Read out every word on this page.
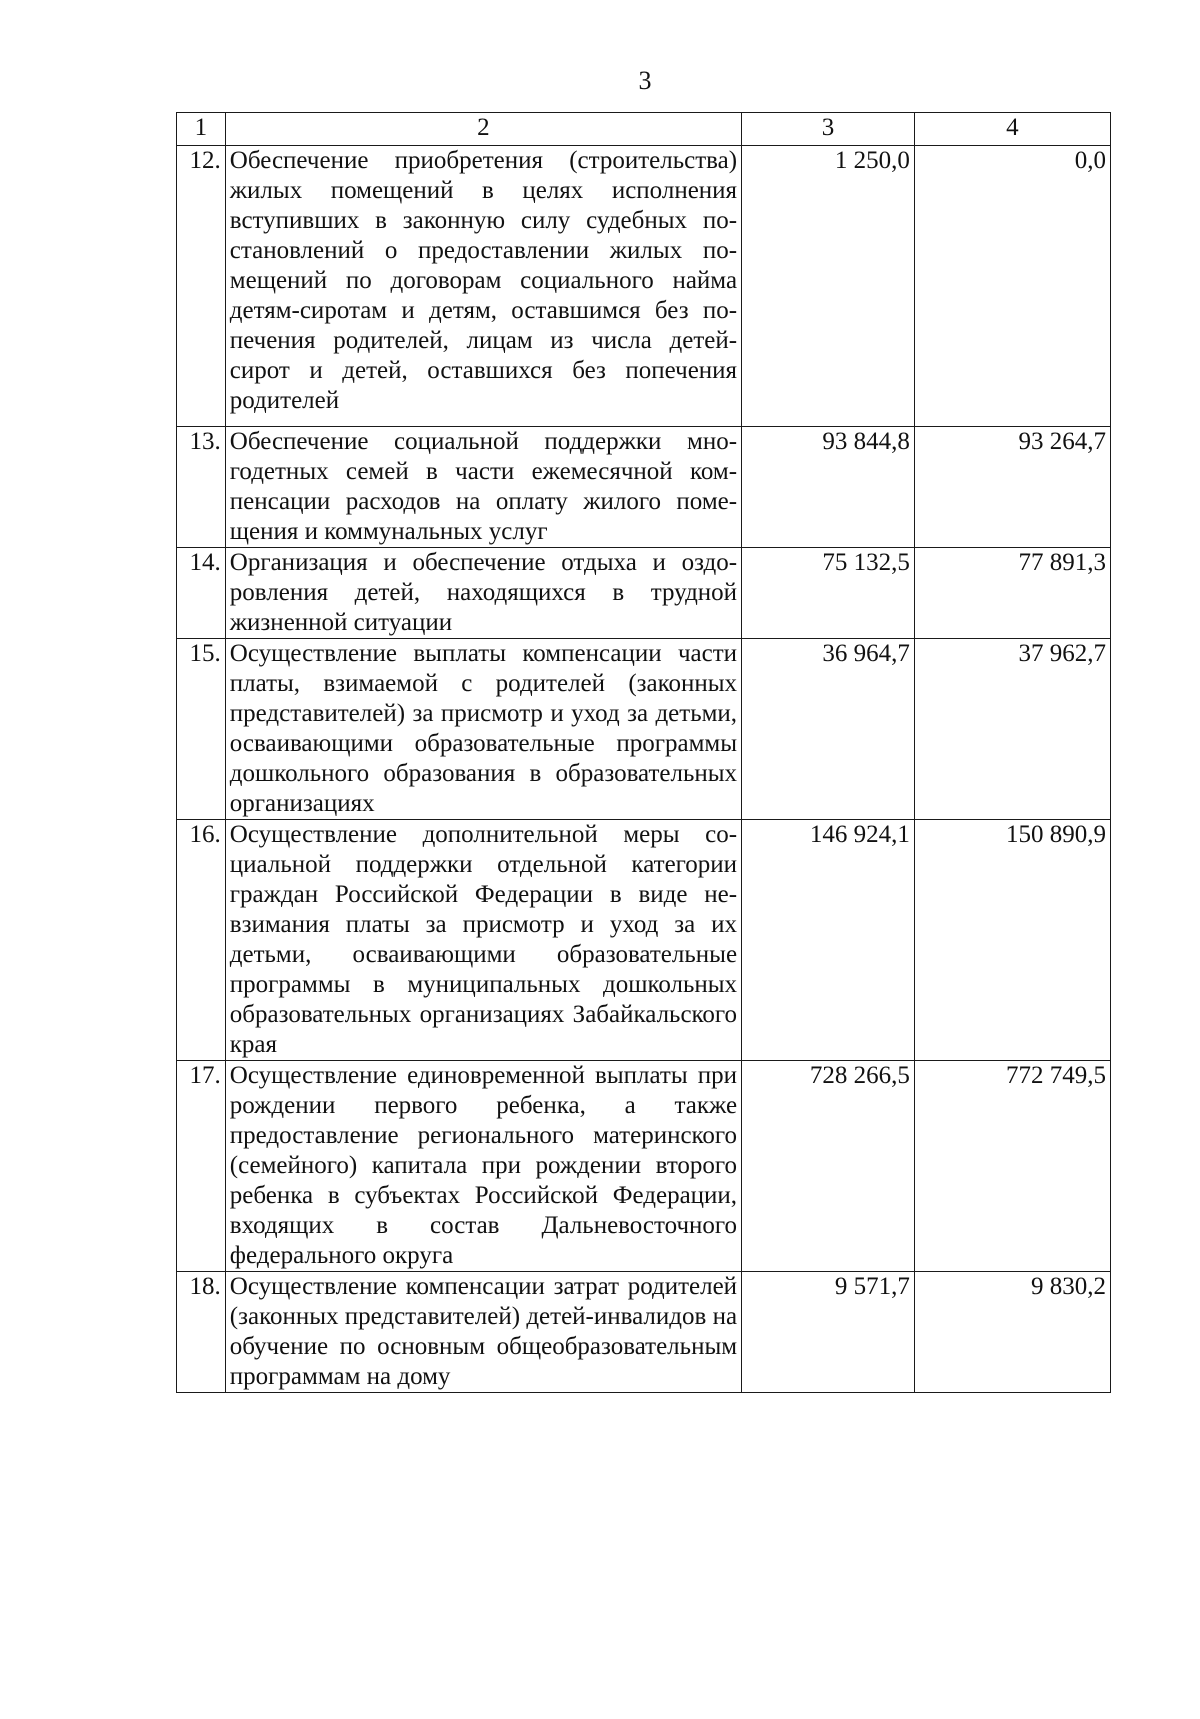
3
1	2	3	4
12.	Обеспечение приобретения (строительства) жилых помещений в целях исполнения вступивших в законную силу судебных постановлений о предоставлении жилых помещений по договорам социального найма детям-сиротам и детям, оставшимся без попечения родителей, лицам из числа детей-сирот и детей, оставшихся без попечения родителей	1 250,0	0,0
13.	Обеспечение социальной поддержки многодетных семей в части ежемесячной компенсации расходов на оплату жилого помещения и коммунальных услуг	93 844,8	93 264,7
14.	Организация и обеспечение отдыха и оздоровления детей, находящихся в трудной жизненной ситуации	75 132,5	77 891,3
15.	Осуществление выплаты компенсации части платы, взимаемой с родителей (законных представителей) за присмотр и уход за детьми, осваивающими образовательные программы дошкольного образования в образовательных организациях	36 964,7	37 962,7
16.	Осуществление дополнительной меры социальной поддержки отдельной категории граждан Российской Федерации в виде невзимания платы за присмотр и уход за их детьми, осваивающими образовательные программы в муниципальных дошкольных образовательных организациях Забайкальского края	146 924,1	150 890,9
17.	Осуществление единовременной выплаты при рождении первого ребенка, а также предоставление регионального материнского (семейного) капитала при рождении второго ребенка в субъектах Российской Федерации, входящих в состав Дальневосточного федерального округа	728 266,5	772 749,5
18.	Осуществление компенсации затрат родителей (законных представителей) детей-инвалидов на обучение по основным общеобразовательным программам на дому	9 571,7	9 830,2
